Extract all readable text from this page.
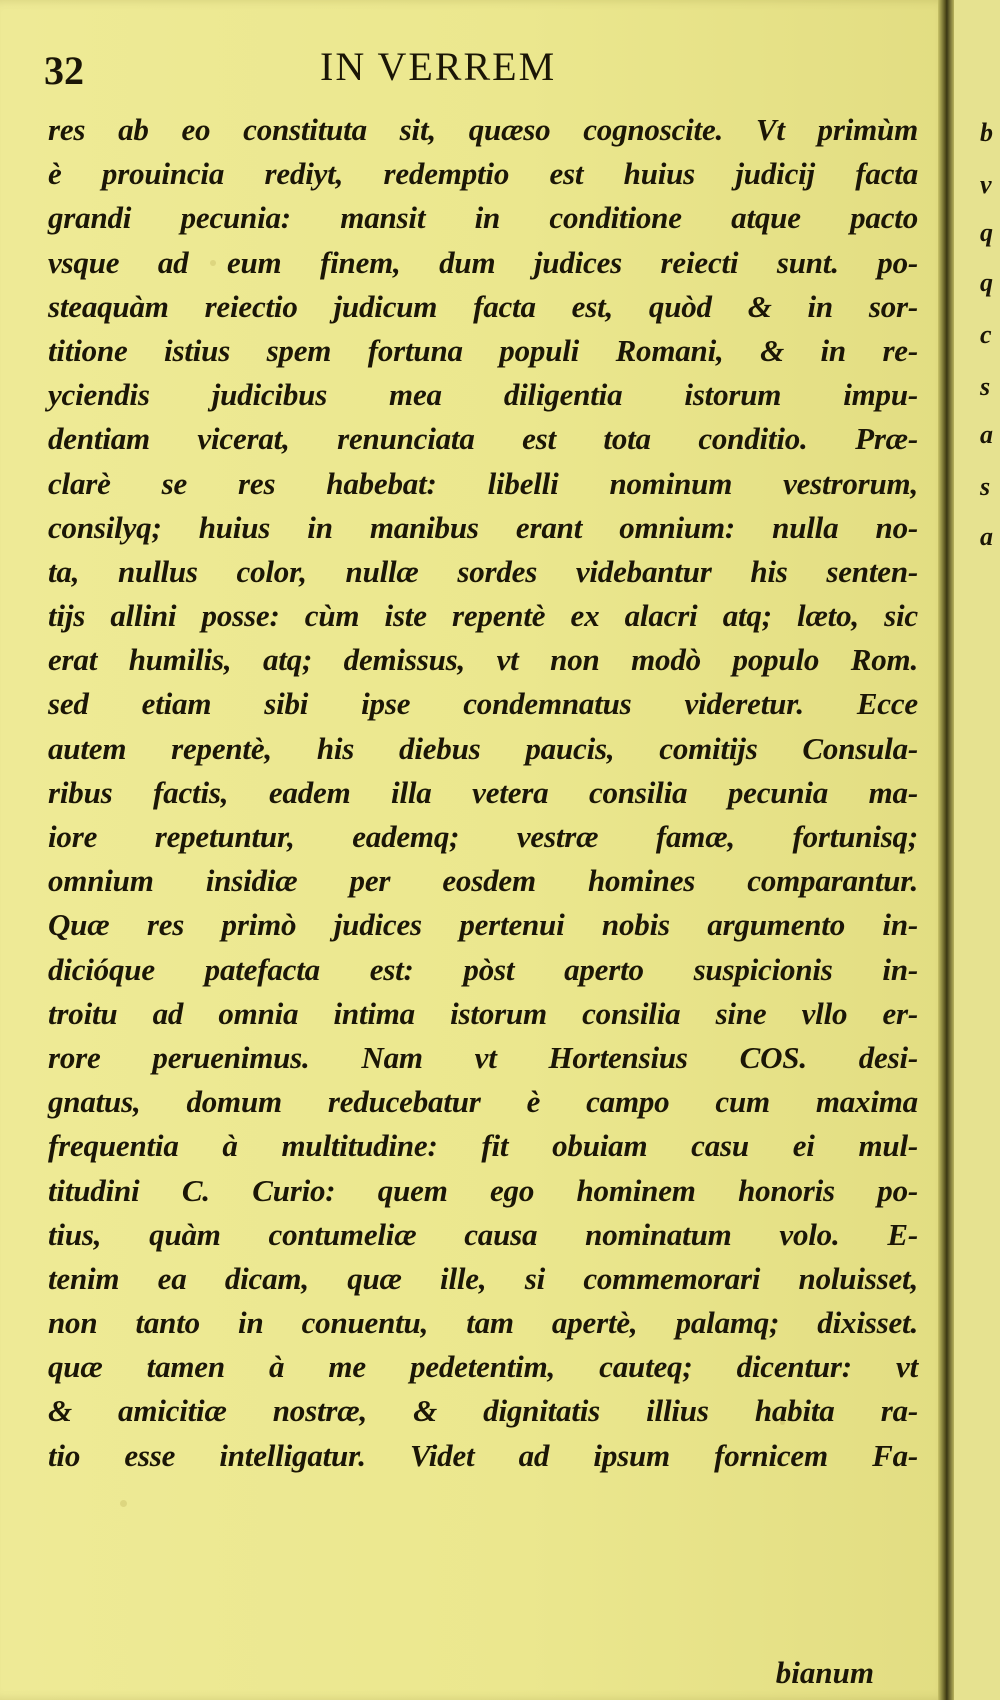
32	IN VERREM
res ab eo constituta sit, quæso cognoscite. Vt primùm
è prouincia rediyt, redemptio est huius judicij facta
grandi pecunia: mansit in conditione atque pacto
vsque ad eum finem, dum judices reiecti sunt. po-
steaquàm reiectio judicum facta est, quòd & in sor-
titione istius spem fortuna populi Romani, & in re-
yciendis judicibus mea diligentia istorum impu-
dentiam vicerat, renunciata est tota conditio. Præ-
clarè se res habebat: libelli nominum vestrorum,
consilyq; huius in manibus erant omnium: nulla no-
ta, nullus color, nullæ sordes videbantur his senten-
tijs allini posse: cùm iste repentè ex alacri atq; læto, sic
erat humilis, atq; demissus, vt non modò populo Rom.
sed etiam sibi ipse condemnatus videretur. Ecce
autem repentè, his diebus paucis, comitijs Consula-
ribus factis, eadem illa vetera consilia pecunia ma-
iore repetuntur, eademq; vestræ famæ, fortunisq;
omnium insidiæ per eosdem homines comparantur.
Quæ res primò judices pertenui nobis argumento in-
dicióque patefacta est: pòst aperto suspicionis in-
troitu ad omnia intima istorum consilia sine vllo er-
rore peruenimus. Nam vt Hortensius COS. desi-
gnatus, domum reducebatur è campo cum maxima
frequentia à multitudine: fit obuiam casu ei mul-
titudini C. Curio: quem ego hominem honoris po-
tius, quàm contumeliæ causa nominatum volo. E-
tenim ea dicam, quæ ille, si commemorari noluisset,
non tanto in conuentu, tam apertè, palamq; dixisset.
quæ tamen à me pedetentim, cauteq; dicentur: vt
& amicitiæ nostræ, & dignitatis illius habita ra-
tio esse intelligatur. Videt ad ipsum fornicem Fa-

bianum

b

v

q

q

c

s

a

s

a
